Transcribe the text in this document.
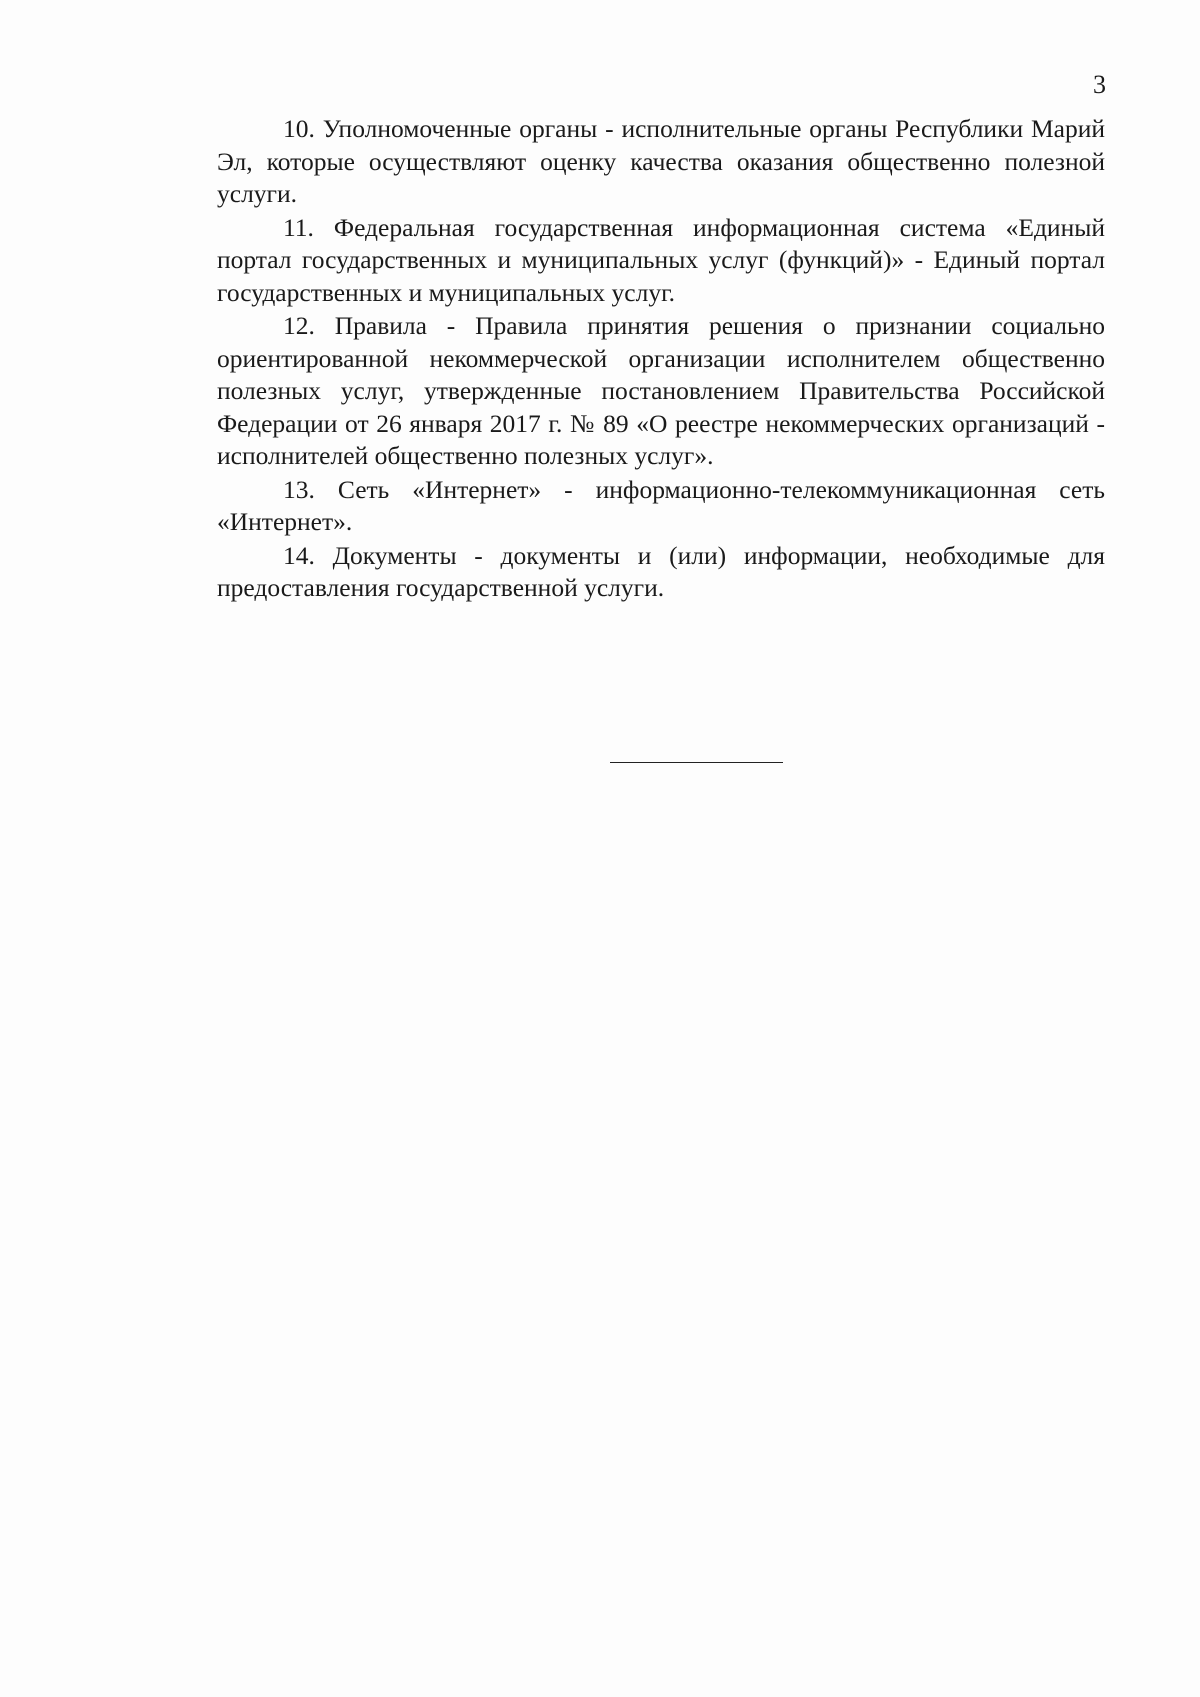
3

10. Уполномоченные органы - исполнительные органы Республики Марий Эл, которые осуществляют оценку качества оказания общественно полезной услуги.

11. Федеральная государственная информационная система «Единый портал государственных и муниципальных услуг (функций)» - Единый портал государственных и муниципальных услуг.

12. Правила - Правила принятия решения о признании социально ориентированной некоммерческой организации исполнителем общественно полезных услуг, утвержденные постановлением Правительства Российской Федерации от 26 января 2017 г. № 89 «О реестре некоммерческих организаций - исполнителей общественно полезных услуг».

13. Сеть «Интернет» - информационно-телекоммуникационная сеть «Интернет».

14. Документы - документы и (или) информации, необходимые для предоставления государственной услуги.
